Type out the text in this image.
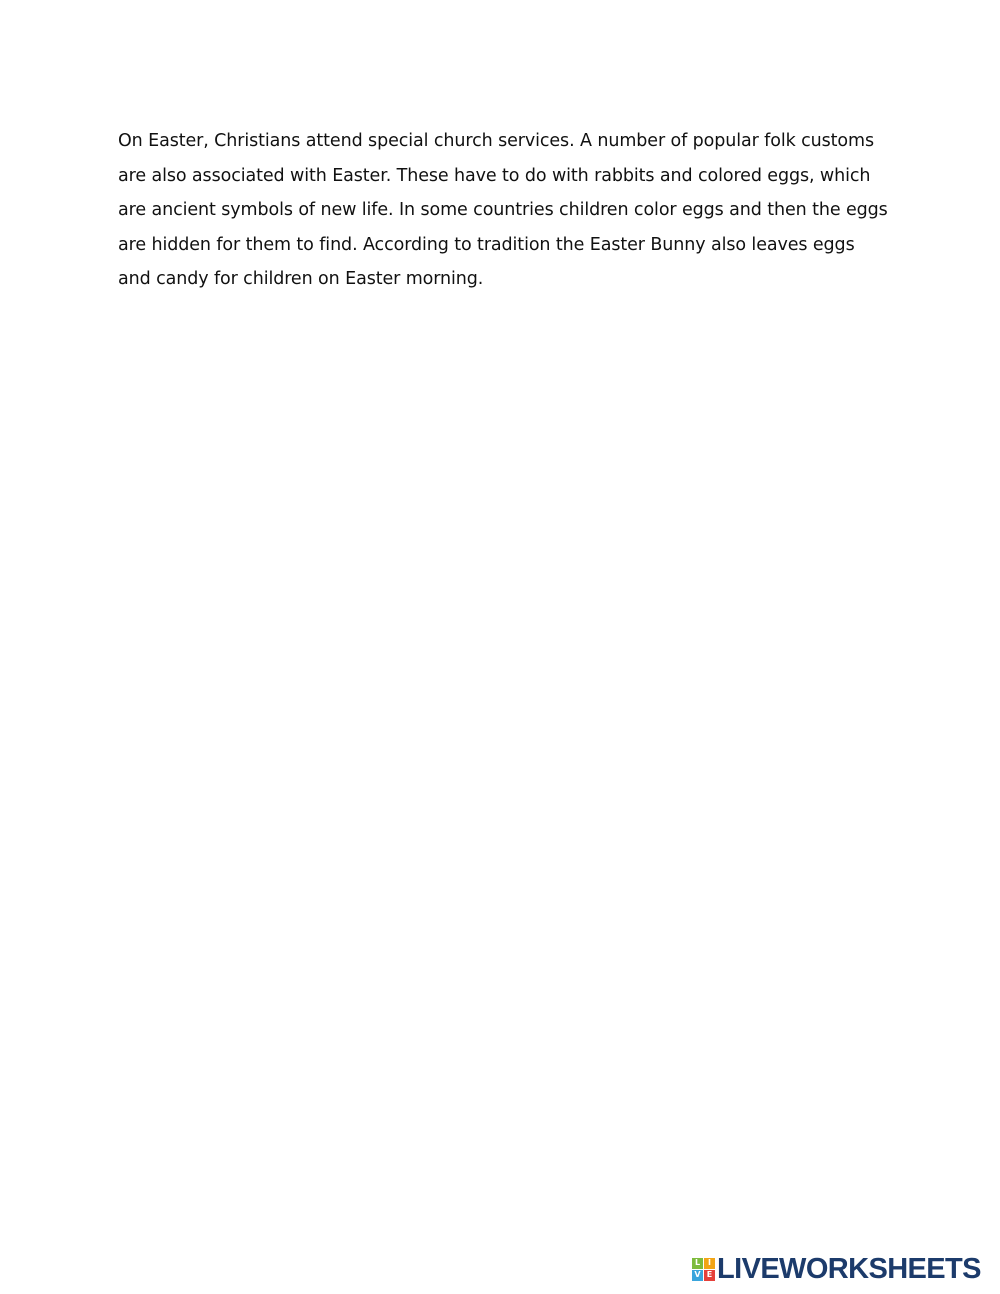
On Easter, Christians attend special church services. A number of popular folk customs are also associated with Easter. These have to do with rabbits and colored eggs, which are ancient symbols of new life. In some countries children color eggs and then the eggs are hidden for them to find. According to tradition the Easter Bunny also leaves eggs and candy for children on Easter morning.

L I
V E LIVEWORKSHEETS
